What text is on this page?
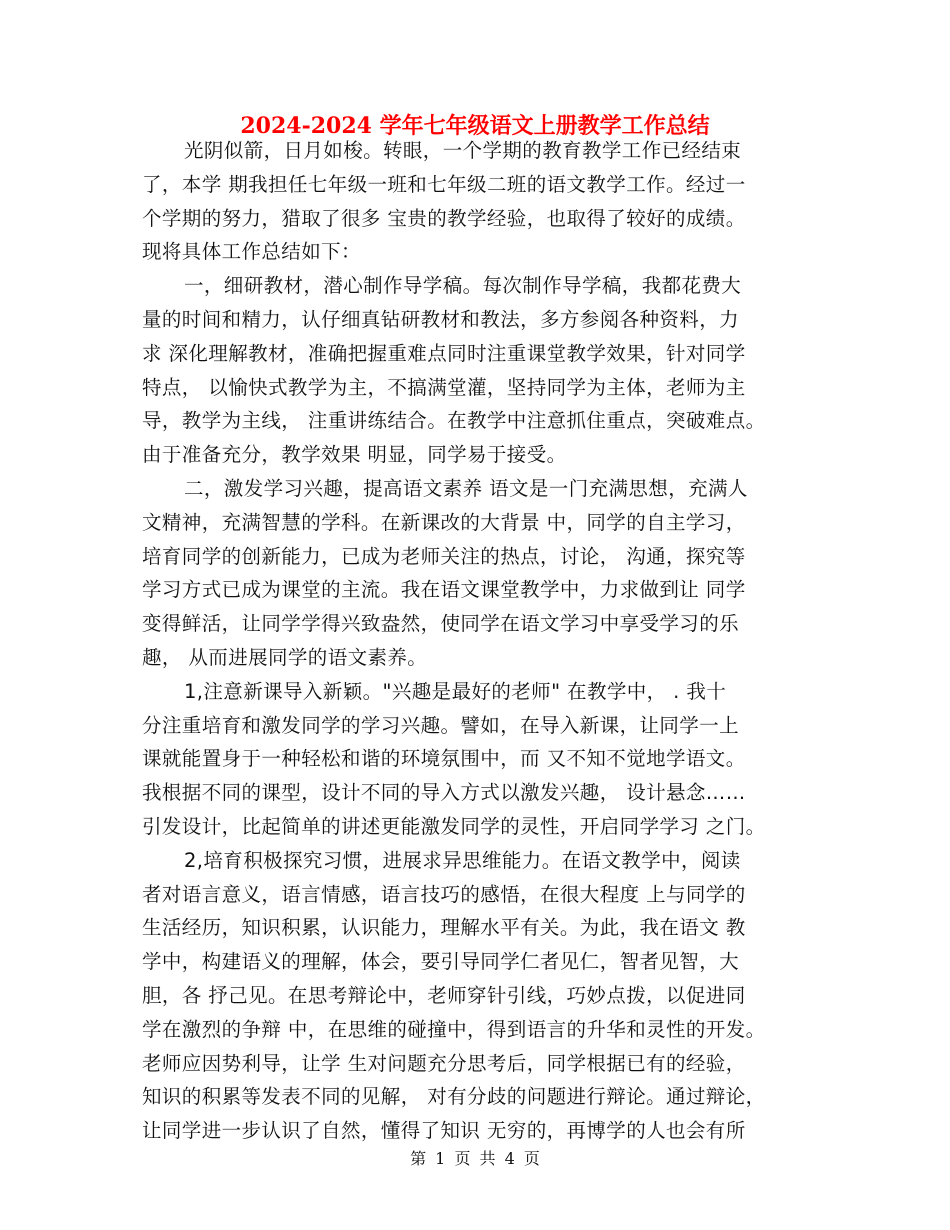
2024-2024 学年七年级语文上册教学工作总结
光阴似箭，日月如梭。转眼，一个学期的教育教学工作已经结束
了，本学 期我担任七年级一班和七年级二班的语文教学工作。经过一
个学期的努力，猎取了很多 宝贵的教学经验，也取得了较好的成绩。
现将具体工作总结如下：
一，细研教材，潜心制作导学稿。每次制作导学稿，我都花费大
量的时间和精力，认仔细真钻研教材和教法，多方参阅各种资料，力
求 深化理解教材，准确把握重难点同时注重课堂教学效果，针对同学
特点， 以愉快式教学为主，不搞满堂灌，坚持同学为主体，老师为主
导，教学为主线， 注重讲练结合。在教学中注意抓住重点，突破难点。
由于准备充分，教学效果 明显，同学易于接受。
二，激发学习兴趣，提高语文素养 语文是一门充满思想，充满人
文精神，充满智慧的学科。在新课改的大背景 中，同学的自主学习，
培育同学的创新能力，已成为老师关注的热点，讨论， 沟通，探究等
学习方式已成为课堂的主流。我在语文课堂教学中，力求做到让 同学
变得鲜活，让同学学得兴致盎然，使同学在语文学习中享受学习的乐
趣， 从而进展同学的语文素养。
1,注意新课导入新颖。"兴趣是最好的老师" 在教学中， . 我十
分注重培育和激发同学的学习兴趣。譬如，在导入新课，让同学一上
课就能置身于一种轻松和谐的环境氛围中，而 又不知不觉地学语文。
我根据不同的课型，设计不同的导入方式以激发兴趣， 设计悬念……
引发设计，比起简单的讲述更能激发同学的灵性，开启同学学习 之门。
2,培育积极探究习惯，进展求异思维能力。在语文教学中，阅读
者对语言意义，语言情感，语言技巧的感悟，在很大程度 上与同学的
生活经历，知识积累，认识能力，理解水平有关。为此，我在语文 教
学中，构建语义的理解，体会，要引导同学仁者见仁，智者见智，大
胆，各 抒己见。在思考辩论中，老师穿针引线，巧妙点拨，以促进同
学在激烈的争辩 中，在思维的碰撞中，得到语言的升华和灵性的开发。
老师应因势利导，让学 生对问题充分思考后，同学根据已有的经验，
知识的积累等发表不同的见解， 对有分歧的问题进行辩论。通过辩论，
让同学进一步认识了自然，懂得了知识 无穷的，再博学的人也会有所
第 1 页 共 4 页
